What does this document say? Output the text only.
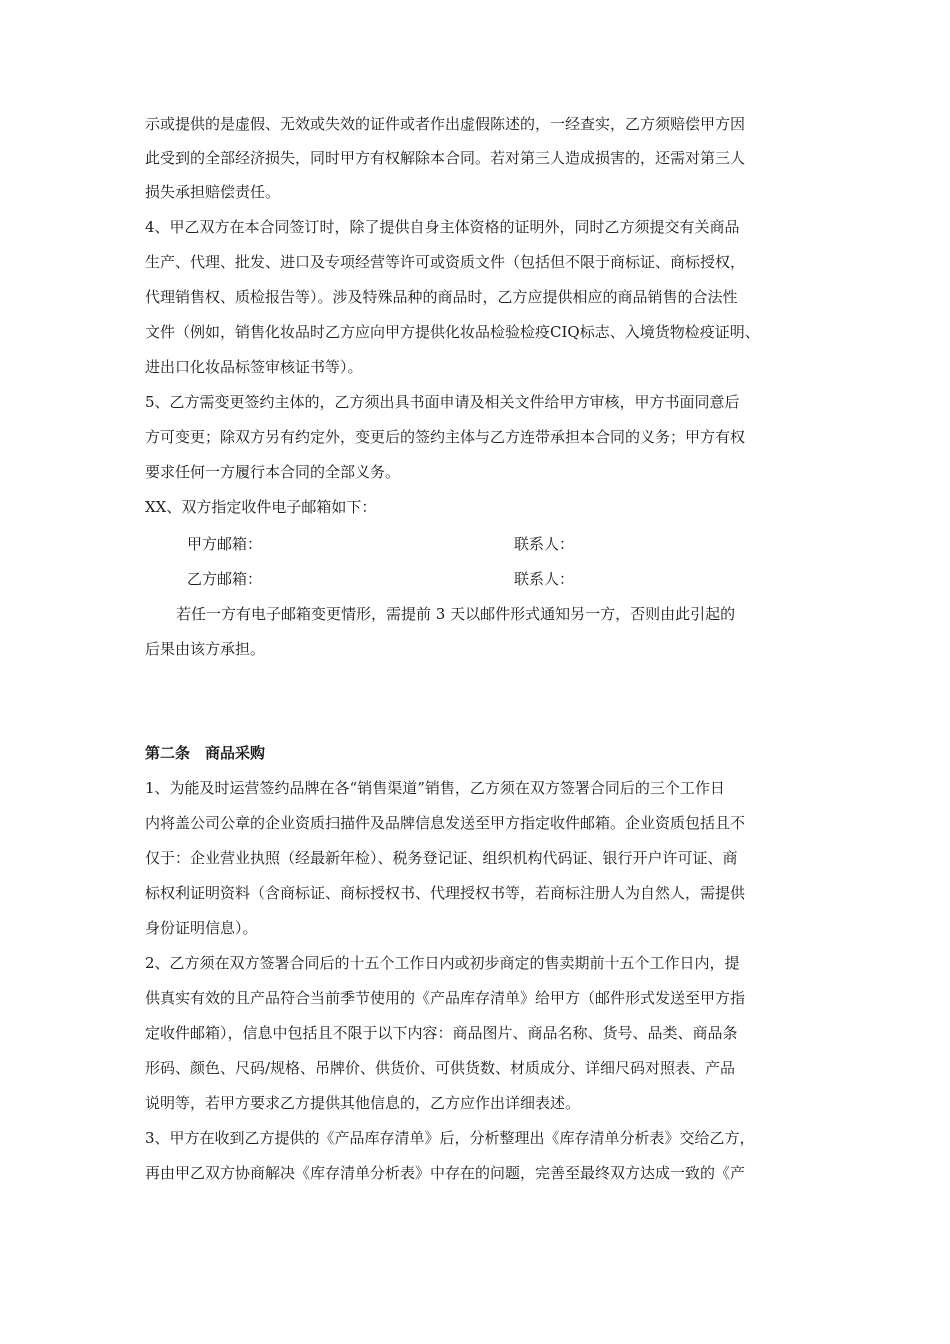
示或提供的是虚假、无效或失效的证件或者作出虚假陈述的，一经查实，乙方须赔偿甲方因
此受到的全部经济损失，同时甲方有权解除本合同。若对第三人造成损害的，还需对第三人
损失承担赔偿责任。
4、甲乙双方在本合同签订时，除了提供自身主体资格的证明外，同时乙方须提交有关商品
生产、代理、批发、进口及专项经营等许可或资质文件（包括但不限于商标证、商标授权，
代理销售权、质检报告等）。涉及特殊品种的商品时，乙方应提供相应的商品销售的合法性
文件（例如，销售化妆品时乙方应向甲方提供化妆品检验检疫CIQ标志、入境货物检疫证明、
进出口化妆品标签审核证书等）。
5、乙方需变更签约主体的，乙方须出具书面申请及相关文件给甲方审核，甲方书面同意后
方可变更；除双方另有约定外，变更后的签约主体与乙方连带承担本合同的义务；甲方有权
要求任何一方履行本合同的全部义务。
XX、双方指定收件电子邮箱如下：
甲方邮箱：	联系人：
乙方邮箱：	联系人：
若任一方有电子邮箱变更情形，需提前 3 天以邮件形式通知另一方，否则由此引起的
后果由该方承担。
第二条　商品采购
1、为能及时运营签约品牌在各“销售渠道”销售，乙方须在双方签署合同后的三个工作日
内将盖公司公章的企业资质扫描件及品牌信息发送至甲方指定收件邮箱。企业资质包括且不
仅于：企业营业执照（经最新年检）、税务登记证、组织机构代码证、银行开户许可证、商
标权利证明资料（含商标证、商标授权书、代理授权书等，若商标注册人为自然人，需提供
身份证明信息）。
2、乙方须在双方签署合同后的十五个工作日内或初步商定的售卖期前十五个工作日内，提
供真实有效的且产品符合当前季节使用的《产品库存清单》给甲方（邮件形式发送至甲方指
定收件邮箱），信息中包括且不限于以下内容：商品图片、商品名称、货号、品类、商品条
形码、颜色、尺码/规格、吊牌价、供货价、可供货数、材质成分、详细尺码对照表、产品
说明等，若甲方要求乙方提供其他信息的，乙方应作出详细表述。
3、甲方在收到乙方提供的《产品库存清单》后，分析整理出《库存清单分析表》交给乙方，
再由甲乙双方协商解决《库存清单分析表》中存在的问题，完善至最终双方达成一致的《产
